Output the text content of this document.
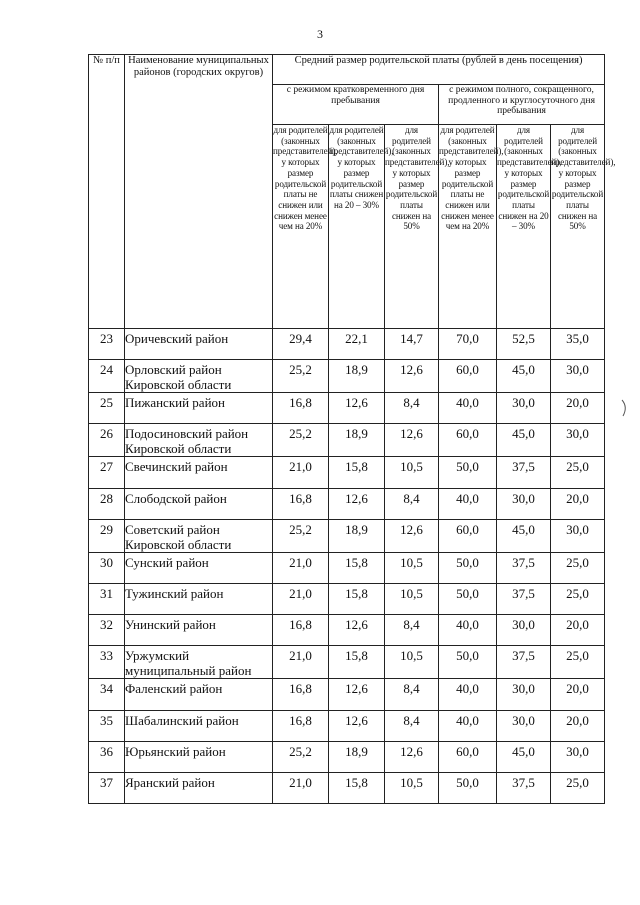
3
№ п/п	Наименование муниципальных районов (городских округов)	Средний размер родительской платы (рублей в день посещения)					
		с режимом кратковременного дня пребывания			с режимом полного, сокращенного, продленного и круглосуточного дня пребывания		
		для родителей (законных представителей), у которых размер родительской платы не снижен или снижен менее чем на 20%	для родителей (законных представителей), у которых размер родительской платы снижен на 20 – 30%	для родителей (законных представителей), у которых размер родительской платы снижен на 50%	для родителей (законных представителей), у которых размер родительской платы не снижен или снижен менее чем на 20%	для родителей (законных представителей), у которых размер родительской платы снижен на 20 – 30%	для родителей (законных представителей), у которых размер родительской платы снижен на 50%
23	Оричевский район	29,4	22,1	14,7	70,0	52,5	35,0
24	Орловский район Кировской области	25,2	18,9	12,6	60,0	45,0	30,0
25	Пижанский район	16,8	12,6	8,4	40,0	30,0	20,0
26	Подосиновский район Кировской области	25,2	18,9	12,6	60,0	45,0	30,0
27	Свечинский район	21,0	15,8	10,5	50,0	37,5	25,0
28	Слободской район	16,8	12,6	8,4	40,0	30,0	20,0
29	Советский район Кировской области	25,2	18,9	12,6	60,0	45,0	30,0
30	Сунский район	21,0	15,8	10,5	50,0	37,5	25,0
31	Тужинский район	21,0	15,8	10,5	50,0	37,5	25,0
32	Унинский район	16,8	12,6	8,4	40,0	30,0	20,0
33	Уржумский муниципальный район	21,0	15,8	10,5	50,0	37,5	25,0
34	Фаленский район	16,8	12,6	8,4	40,0	30,0	20,0
35	Шабалинский район	16,8	12,6	8,4	40,0	30,0	20,0
36	Юрьянский район	25,2	18,9	12,6	60,0	45,0	30,0
37	Яранский район	21,0	15,8	10,5	50,0	37,5	25,0
